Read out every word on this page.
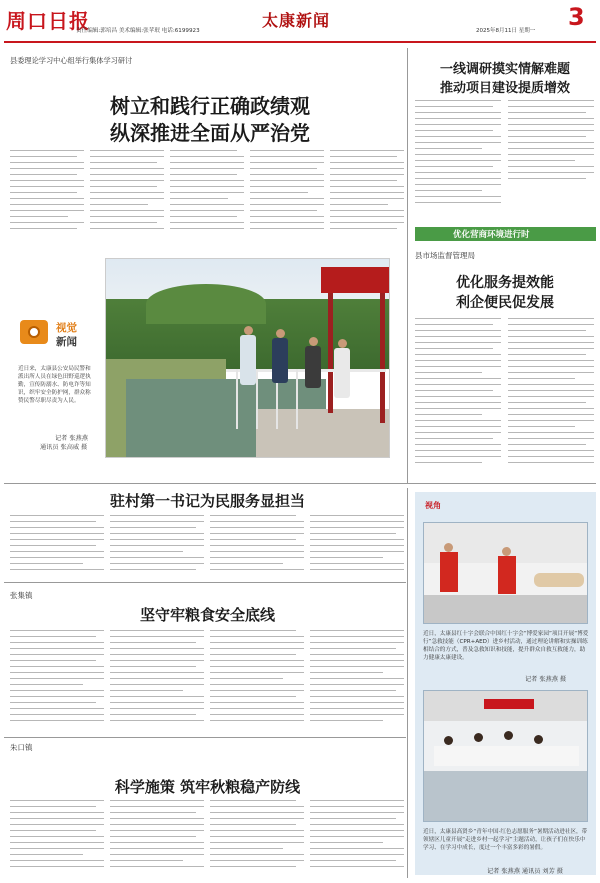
周口日报
责任编辑:郭培昌 美术编辑:张苹珉 电话:6199923
太康新闻
2025年8月11日 星期一 3
县委理论学习中心组举行集体学习研讨
树立和践行正确政绩观
纵深推进全面从严治党
视觉
新闻
近日来，太康县公安局民警和派出所人员在绿色田野巡逻执勤，宣传防溺水、防电诈等知识，织牢安全防护网，群众称赞民警尽职尽责为人民。
记者 张燕燕
通讯员 张高威 摄
一线调研摸实情解难题
推动项目建设提质增效
优化营商环境进行时
县市场监督管理局
优化服务提效能
利企便民促发展
驻村第一书记为民服务显担当
张集镇
坚守牢粮食安全底线
朱口镇
科学施策 筑牢秋粮稳产防线
视角
近日，太康县红十字会联合中国红十字会“博爱家园”项目开展“博爱行”急救技能（CPR+AED）进乡村活动，通过理论讲解和实操训练相结合的方式，普及急救知识和技能，提升群众自救互救能力，助力健康太康建设。
记者 张燕燕 摄
近日，太康县高贤乡“青年中国·红色志愿服务”暑期活动进社区，带领辖区儿童开展“走进乡村一起学习”主题活动，让孩子们在快乐中学习、在学习中成长，度过一个丰富多彩的暑假。
记者 张燕燕 通讯员 刘芳 摄
